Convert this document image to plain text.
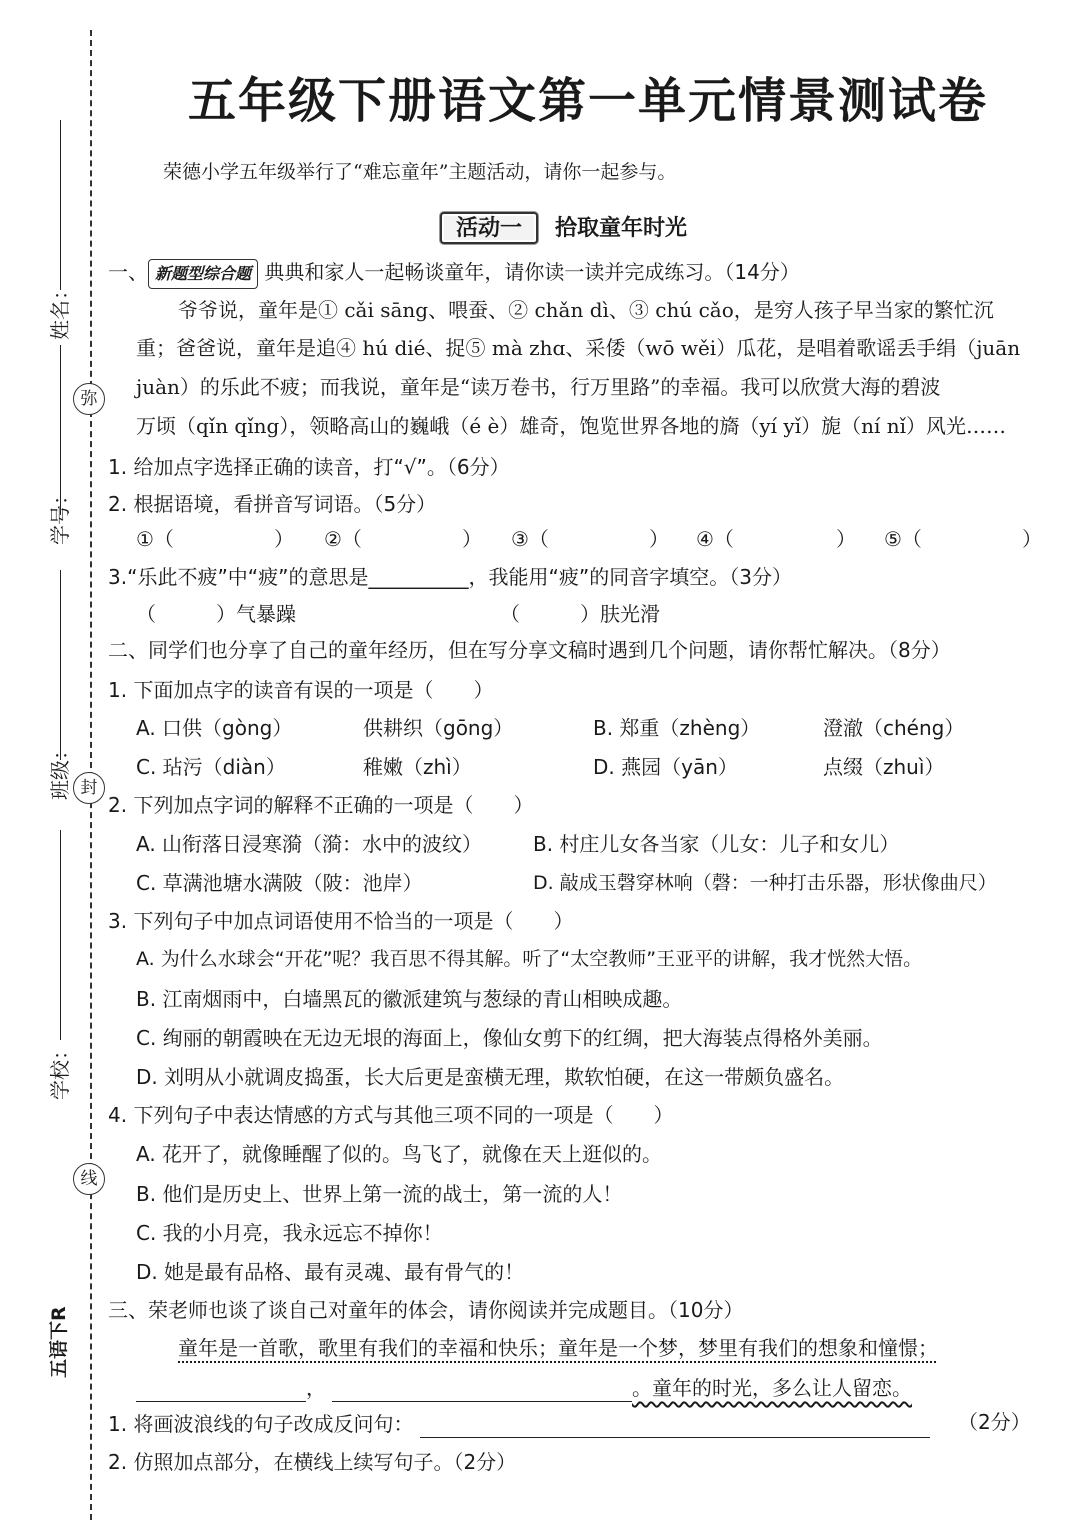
姓名：
学号：
班级：
学校：
五语下R
弥
封
线
五年级下册语文第一单元情景测试卷
荣德小学五年级举行了“难忘童年”主题活动，请你一起参与。
活动一 拾取童年时光
一、 新题型综合题 典典和家人一起畅谈童年，请你读一读并完成练习。（14分）
爷爷说，童年是① cǎi sāng、喂蚕、② chǎn dì、③ chú cǎo，是穷人孩子早当家的繁忙沉
重；爸爸说，童年是追④ hú dié、捉⑤ mà zhɑ、采倭（wō wěi）瓜花，是唱着歌谣丢手绢（juān
juàn）的乐此不疲；而我说，童年是“读万卷书，行万里路”的幸福。我可以欣赏大海的碧波
万顷（qǐn qǐng），领略高山的巍峨（é è）雄奇，饱览世界各地的旖（yí yǐ）旎（ní nǐ）风光……
1. 给加点字选择正确的读音，打“√”。（6分）
2. 根据语境，看拼音写词语。（5分）
①（	） ②（	） ③（	） ④（	） ⑤（	）
3.“乐此不疲”中“疲”的意思是__________，我能用“疲”的同音字填空。（3分）
（　　　）气暴躁	（　　　）肤光滑
二、同学们也分享了自己的童年经历，但在写分享文稿时遇到几个问题，请你帮忙解决。（8分）
1. 下面加点字的读音有误的一项是（　　）
A. 口供（gòng）	供耕织（gōng）	B. 郑重（zhèng）	澄澈（chéng）
C. 玷污（diàn）	稚嫩（zhì）	D. 燕园（yān）	点缀（zhuì）
2. 下列加点字词的解释不正确的一项是（　　）
A. 山衔落日浸寒漪（漪：水中的波纹）	B. 村庄儿女各当家（儿女：儿子和女儿）
C. 草满池塘水满陂（陂：池岸）	D. 敲成玉磬穿林响（磬：一种打击乐器，形状像曲尺）
3. 下列句子中加点词语使用不恰当的一项是（　　）
A. 为什么水球会“开花”呢？我百思不得其解。听了“太空教师”王亚平的讲解，我才恍然大悟。
B. 江南烟雨中，白墙黑瓦的徽派建筑与葱绿的青山相映成趣。
C. 绚丽的朝霞映在无边无垠的海面上，像仙女剪下的红绸，把大海装点得格外美丽。
D. 刘明从小就调皮捣蛋，长大后更是蛮横无理，欺软怕硬，在这一带颇负盛名。
4. 下列句子中表达情感的方式与其他三项不同的一项是（　　）
A. 花开了，就像睡醒了似的。鸟飞了，就像在天上逛似的。
B. 他们是历史上、世界上第一流的战士，第一流的人！
C. 我的小月亮，我永远忘不掉你！
D. 她是最有品格、最有灵魂、最有骨气的！
三、荣老师也谈了谈自己对童年的体会，请你阅读并完成题目。（10分）
童年是一首歌，歌里有我们的幸福和快乐；童年是一个梦，梦里有我们的想象和憧憬；
，	。童年的时光，多么让人留恋。
1. 将画波浪线的句子改成反问句：	（2分）
2. 仿照加点部分，在横线上续写句子。（2分）
